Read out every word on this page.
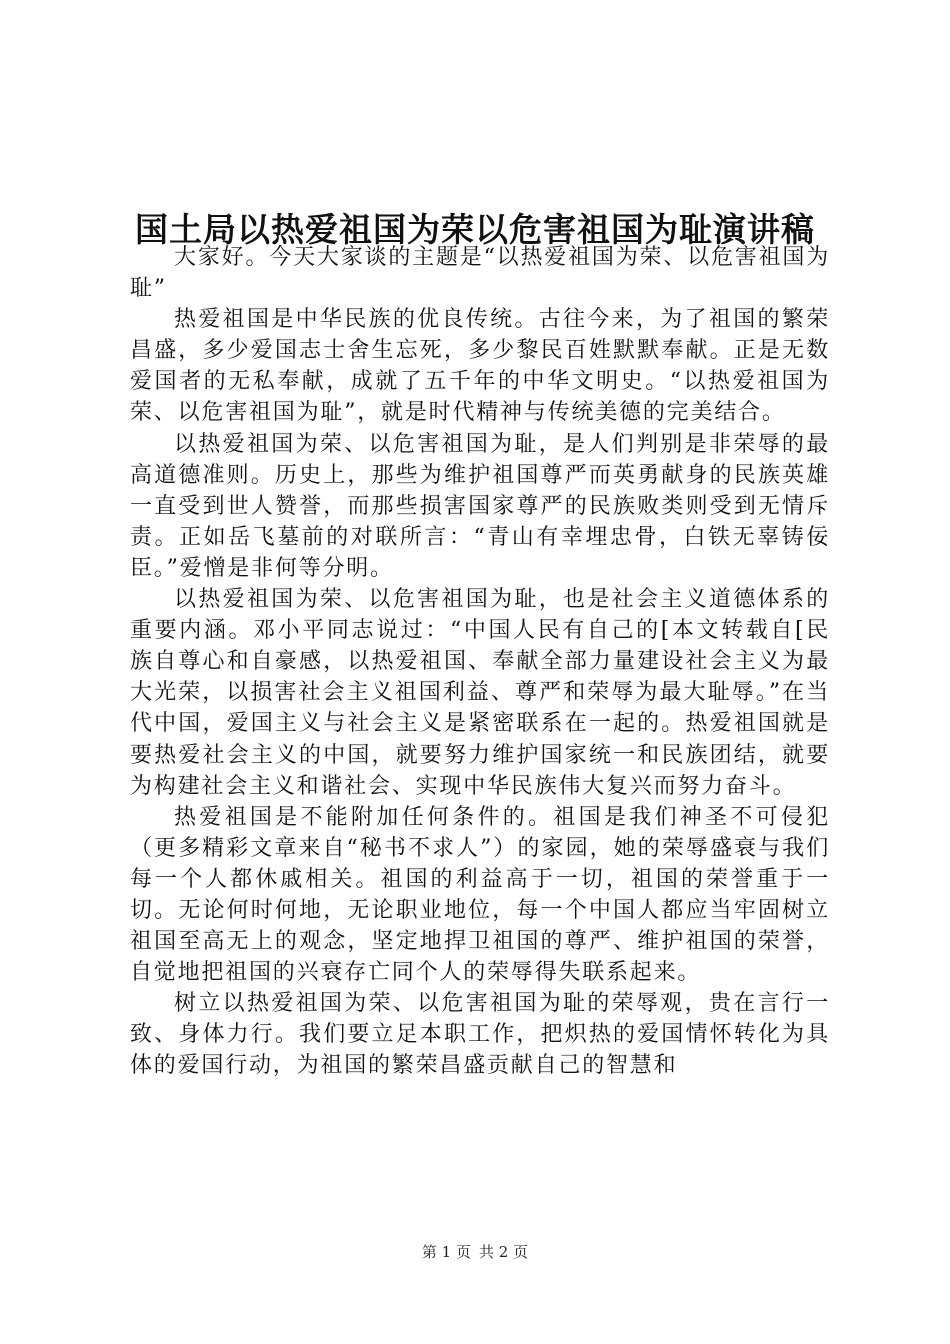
国土局以热爱祖国为荣以危害祖国为耻演讲稿

大家好。今天大家谈的主题是“以热爱祖国为荣、以危害祖国为耻”

热爱祖国是中华民族的优良传统。古往今来，为了祖国的繁荣昌盛，多少爱国志士舍生忘死，多少黎民百姓默默奉献。正是无数爱国者的无私奉献，成就了五千年的中华文明史。“以热爱祖国为荣、以危害祖国为耻”，就是时代精神与传统美德的完美结合。

以热爱祖国为荣、以危害祖国为耻，是人们判别是非荣辱的最高道德准则。历史上，那些为维护祖国尊严而英勇献身的民族英雄一直受到世人赞誉，而那些损害国家尊严的民族败类则受到无情斥责。正如岳飞墓前的对联所言：“青山有幸埋忠骨，白铁无辜铸佞臣。”爱憎是非何等分明。

以热爱祖国为荣、以危害祖国为耻，也是社会主义道德体系的重要内涵。邓小平同志说过：“中国人民有自己的[本文转载自[民族自尊心和自豪感，以热爱祖国、奉献全部力量建设社会主义为最大光荣，以损害社会主义祖国利益、尊严和荣辱为最大耻辱。”在当代中国，爱国主义与社会主义是紧密联系在一起的。热爱祖国就是要热爱社会主义的中国，就要努力维护国家统一和民族团结，就要为构建社会主义和谐社会、实现中华民族伟大复兴而努力奋斗。

热爱祖国是不能附加任何条件的。祖国是我们神圣不可侵犯（更多精彩文章来自“秘书不求人”）的家园，她的荣辱盛衰与我们每一个人都休戚相关。祖国的利益高于一切，祖国的荣誉重于一切。无论何时何地，无论职业地位，每一个中国人都应当牢固树立祖国至高无上的观念，坚定地捍卫祖国的尊严、维护祖国的荣誉，自觉地把祖国的兴衰存亡同个人的荣辱得失联系起来。

树立以热爱祖国为荣、以危害祖国为耻的荣辱观，贵在言行一致、身体力行。我们要立足本职工作，把炽热的爱国情怀转化为具体的爱国行动，为祖国的繁荣昌盛贡献自己的智慧和

第 1 页 共 2 页
